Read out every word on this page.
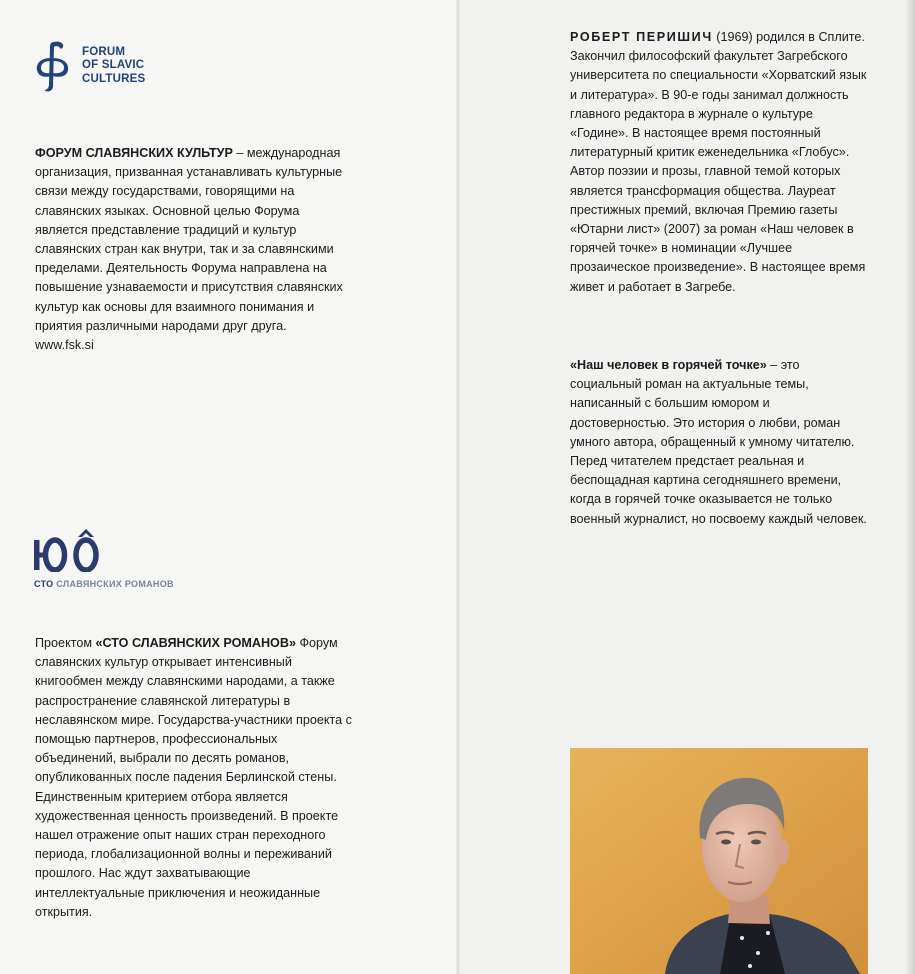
FORUM
OF SLAVIC
CULTURES
ФОРУМ СЛАВЯНСКИХ КУЛЬТУР – международная организация, призванная устанавливать культурные связи между государствами, говорящими на славянских языках. Основной целью Форума является представление традиций и культур славянских стран как внутри, так и за славянскими пределами. Деятельность Форума направлена на повышение узнаваемости и присутствия славянских культур как основы для взаимного понимания и приятия различными народами друг друга.
www.fsk.si
СТО СЛАВЯНСКИХ РОМАНОВ
Проектом «СТО СЛАВЯНСКИХ РОМАНОВ» Форум славянских культур открывает интенсивный книгообмен между славянскими народами, а также распространение славянской литературы в неславянском мире. Государства-участники проекта с помощью партнеров, профессиональных объединений, выбрали по десять романов, опубликованных после падения Берлинской стены. Единственным критерием отбора является художественная ценность произведений. В проекте нашел отражение опыт наших стран переходного периода, глобализационной волны и переживаний прошлого. Нас ждут захватывающие интеллектуальные приключения и неожиданные открытия.
РОБЕРТ ПЕРИШИЧ (1969) родился в Сплите. Закончил философский факультет Загребского университета по специальности «Хорватский язык и литература». В 90-е годы занимал должность главного редактора в журнале о культуре «Године». В настоящее время постоянный литературный критик еженедельника «Глобус». Автор поэзии и прозы, главной темой которых является трансформация общества. Лауреат престижных премий, включая Премию газеты «Ютарни лист» (2007) за роман «Наш человек в горячей точке» в номинации «Лучшее прозаическое произведение». В настоящее время живет и работает в Загребе.
«Наш человек в горячей точке» – это социальный роман на актуальные темы, написанный с большим юмором и достоверностью. Это история о любви, роман умного автора, обращенный к умному читателю. Перед читателем предстает реальная и беспощадная картина сегодняшнего времени, когда в горячей точке оказывается не только военный журналист, но посвоему каждый человек.
